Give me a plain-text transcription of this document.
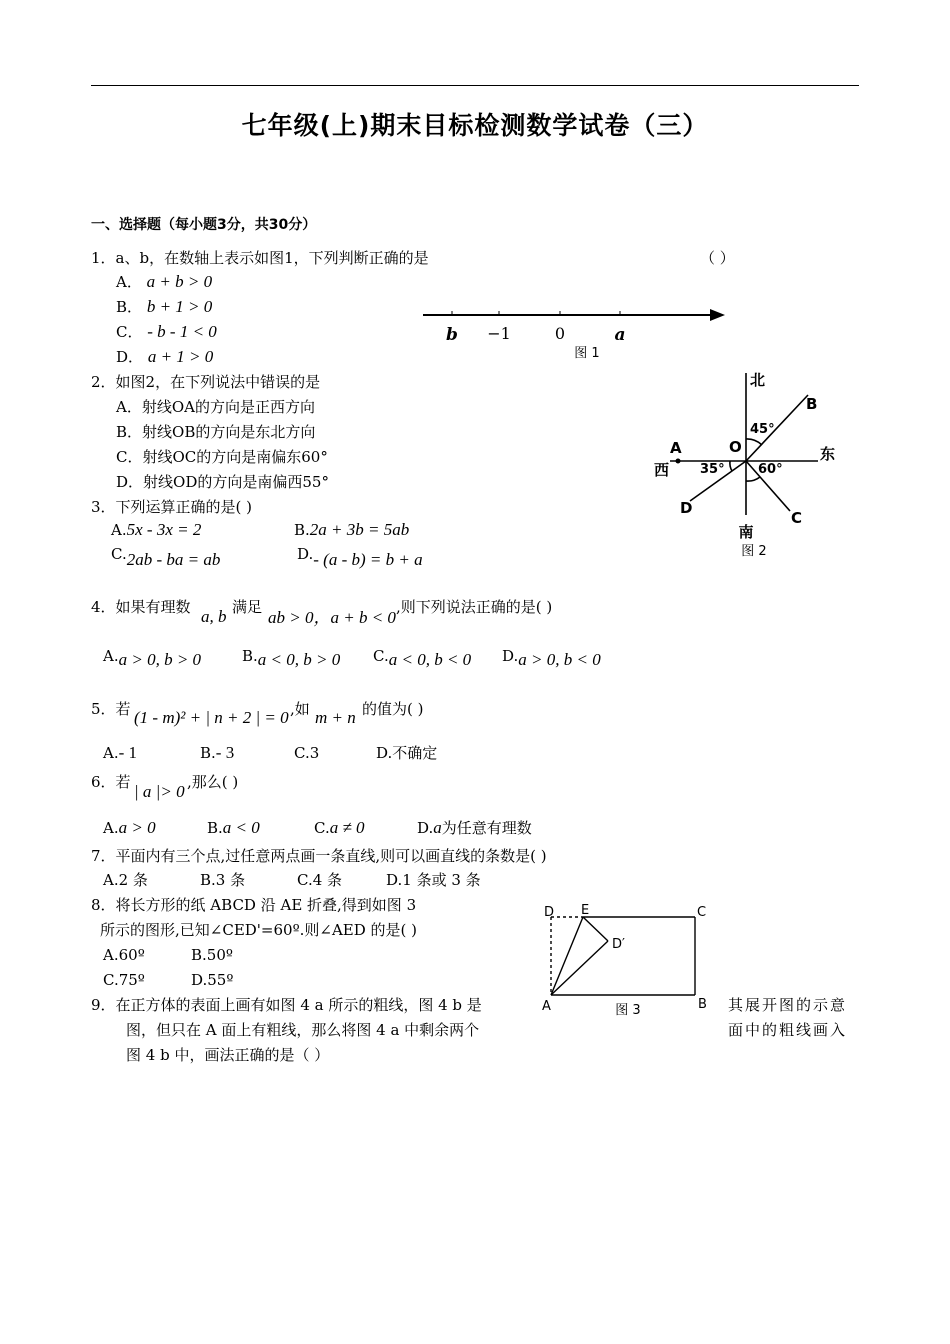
七年级(上)期末目标检测数学试卷（三）
一、选择题（每小题3分，共30分）
1．a、b，在数轴上表示如图1，下列判断正确的是	（ ）
A． a + b > 0
B． b + 1 > 0
C． - b - 1 < 0
D． a + 1 > 0
b −1	0	a
图 1
2．如图2，在下列说法中错误的是
A．射线OA的方向是正西方向
B．射线OB的方向是东北方向
C．射线OC的方向是南偏东60°
D．射线OD的方向是南偏西55°
北
南
东
西
A
B
C
D
O
45°
35°	60°
图 2
3．下列运算正确的是( )
A.5x - 3x = 2	B.2a + 3b = 5ab
C.2ab - ba = ab	D.- (a - b) = b + a
4．如果有理数 a, b 满足
ab > 0，a + b < 0
,则下列说法正确的是( )
A.a > 0, b > 0	B.a < 0, b > 0 C.a < 0, b < 0 D.a > 0, b < 0
5．若 (1 - m)² + | n + 2 | = 0 ,如 m + n 的值为( )
A.- 1	B.- 3	C.3	D.不确定
6．若 | a |> 0 ,那么( )
A.a > 0	B.a < 0	C.a ≠ 0	D.a为任意有理数
7．平面内有三个点,过任意两点画一条直线,则可以画直线的条数是( )
A.2 条	B.3 条	C.4 条	D.1 条或 3 条
8．将长方形的纸 ABCD 沿 AE 折叠,得到如图 3
所示的图形,已知∠CED'=60º.则∠AED 的是( )
A.60º	B.50º
C.75º	D.55º
D E	C
D′
A	B
图 3
9．在正方体的表面上画有如图 4 a 所示的粗线，图 4 b 是	其展开图的示意
图，但只在 A 面上有粗线，那么将图 4 a 中剩余两个	面中的粗线画入
图 4 b 中，画法正确的是（ ）
